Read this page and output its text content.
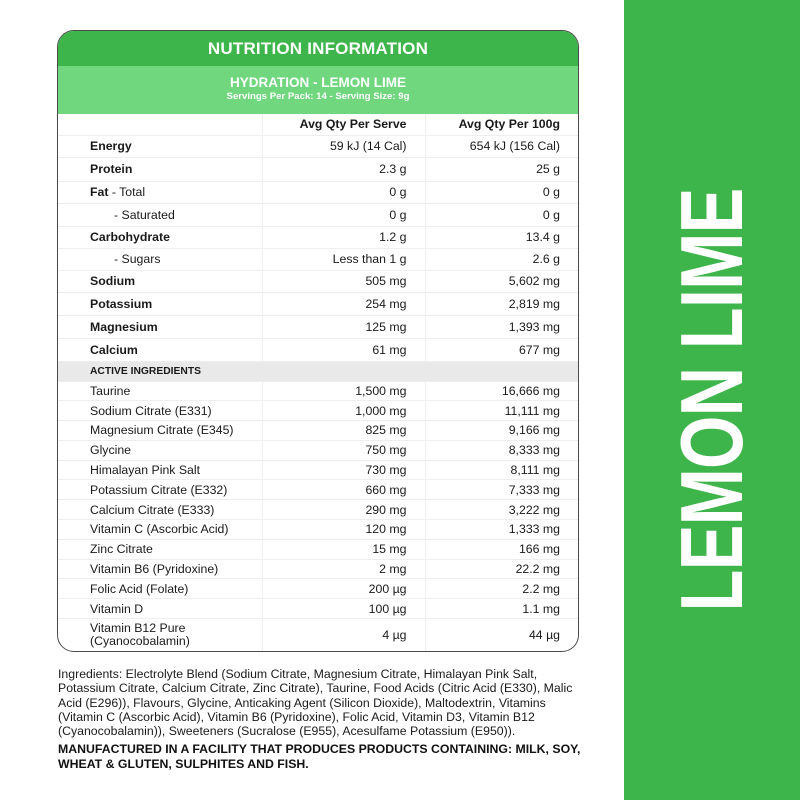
NUTRITION INFORMATION
HYDRATION - LEMON LIME
Servings Per Pack: 14 - Serving Size: 9g
	Avg Qty Per Serve	Avg Qty Per 100g
Energy	59 kJ (14 Cal)	654 kJ (156 Cal)
Protein	2.3 g	25 g
Fat - Total	0 g	0 g
- Saturated	0 g	0 g
Carbohydrate	1.2 g	13.4 g
- Sugars	Less than 1 g	2.6 g
Sodium	505 mg	5,602 mg
Potassium	254 mg	2,819 mg
Magnesium	125 mg	1,393 mg
Calcium	61 mg	677 mg
ACTIVE INGREDIENTS		
Taurine	1,500 mg	16,666 mg
Sodium Citrate (E331)	1,000 mg	11,111 mg
Magnesium Citrate (E345)	825 mg	9,166 mg
Glycine	750 mg	8,333 mg
Himalayan Pink Salt	730 mg	8,111 mg
Potassium Citrate (E332)	660 mg	7,333 mg
Calcium Citrate (E333)	290 mg	3,222 mg
Vitamin C (Ascorbic Acid)	120 mg	1,333 mg
Zinc Citrate	15 mg	166 mg
Vitamin B6 (Pyridoxine)	2 mg	22.2 mg
Folic Acid (Folate)	200 µg	2.2 mg
Vitamin D	100 µg	1.1 mg
Vitamin B12 Pure (Cyanocobalamin)	4 µg	44 µg

Ingredients: Electrolyte Blend (Sodium Citrate, Magnesium Citrate, Himalayan Pink Salt, Potassium Citrate, Calcium Citrate, Zinc Citrate), Taurine, Food Acids (Citric Acid (E330), Malic Acid (E296)), Flavours, Glycine, Anticaking Agent (Silicon Dioxide), Maltodextrin, Vitamins (Vitamin C (Ascorbic Acid), Vitamin B6 (Pyridoxine), Folic Acid, Vitamin D3, Vitamin B12 (Cyanocobalamin)), Sweeteners (Sucralose (E955), Acesulfame Potassium (E950)).

MANUFACTURED IN A FACILITY THAT PRODUCES PRODUCTS CONTAINING: MILK, SOY, WHEAT & GLUTEN, SULPHITES AND FISH.

LEMON LIME
